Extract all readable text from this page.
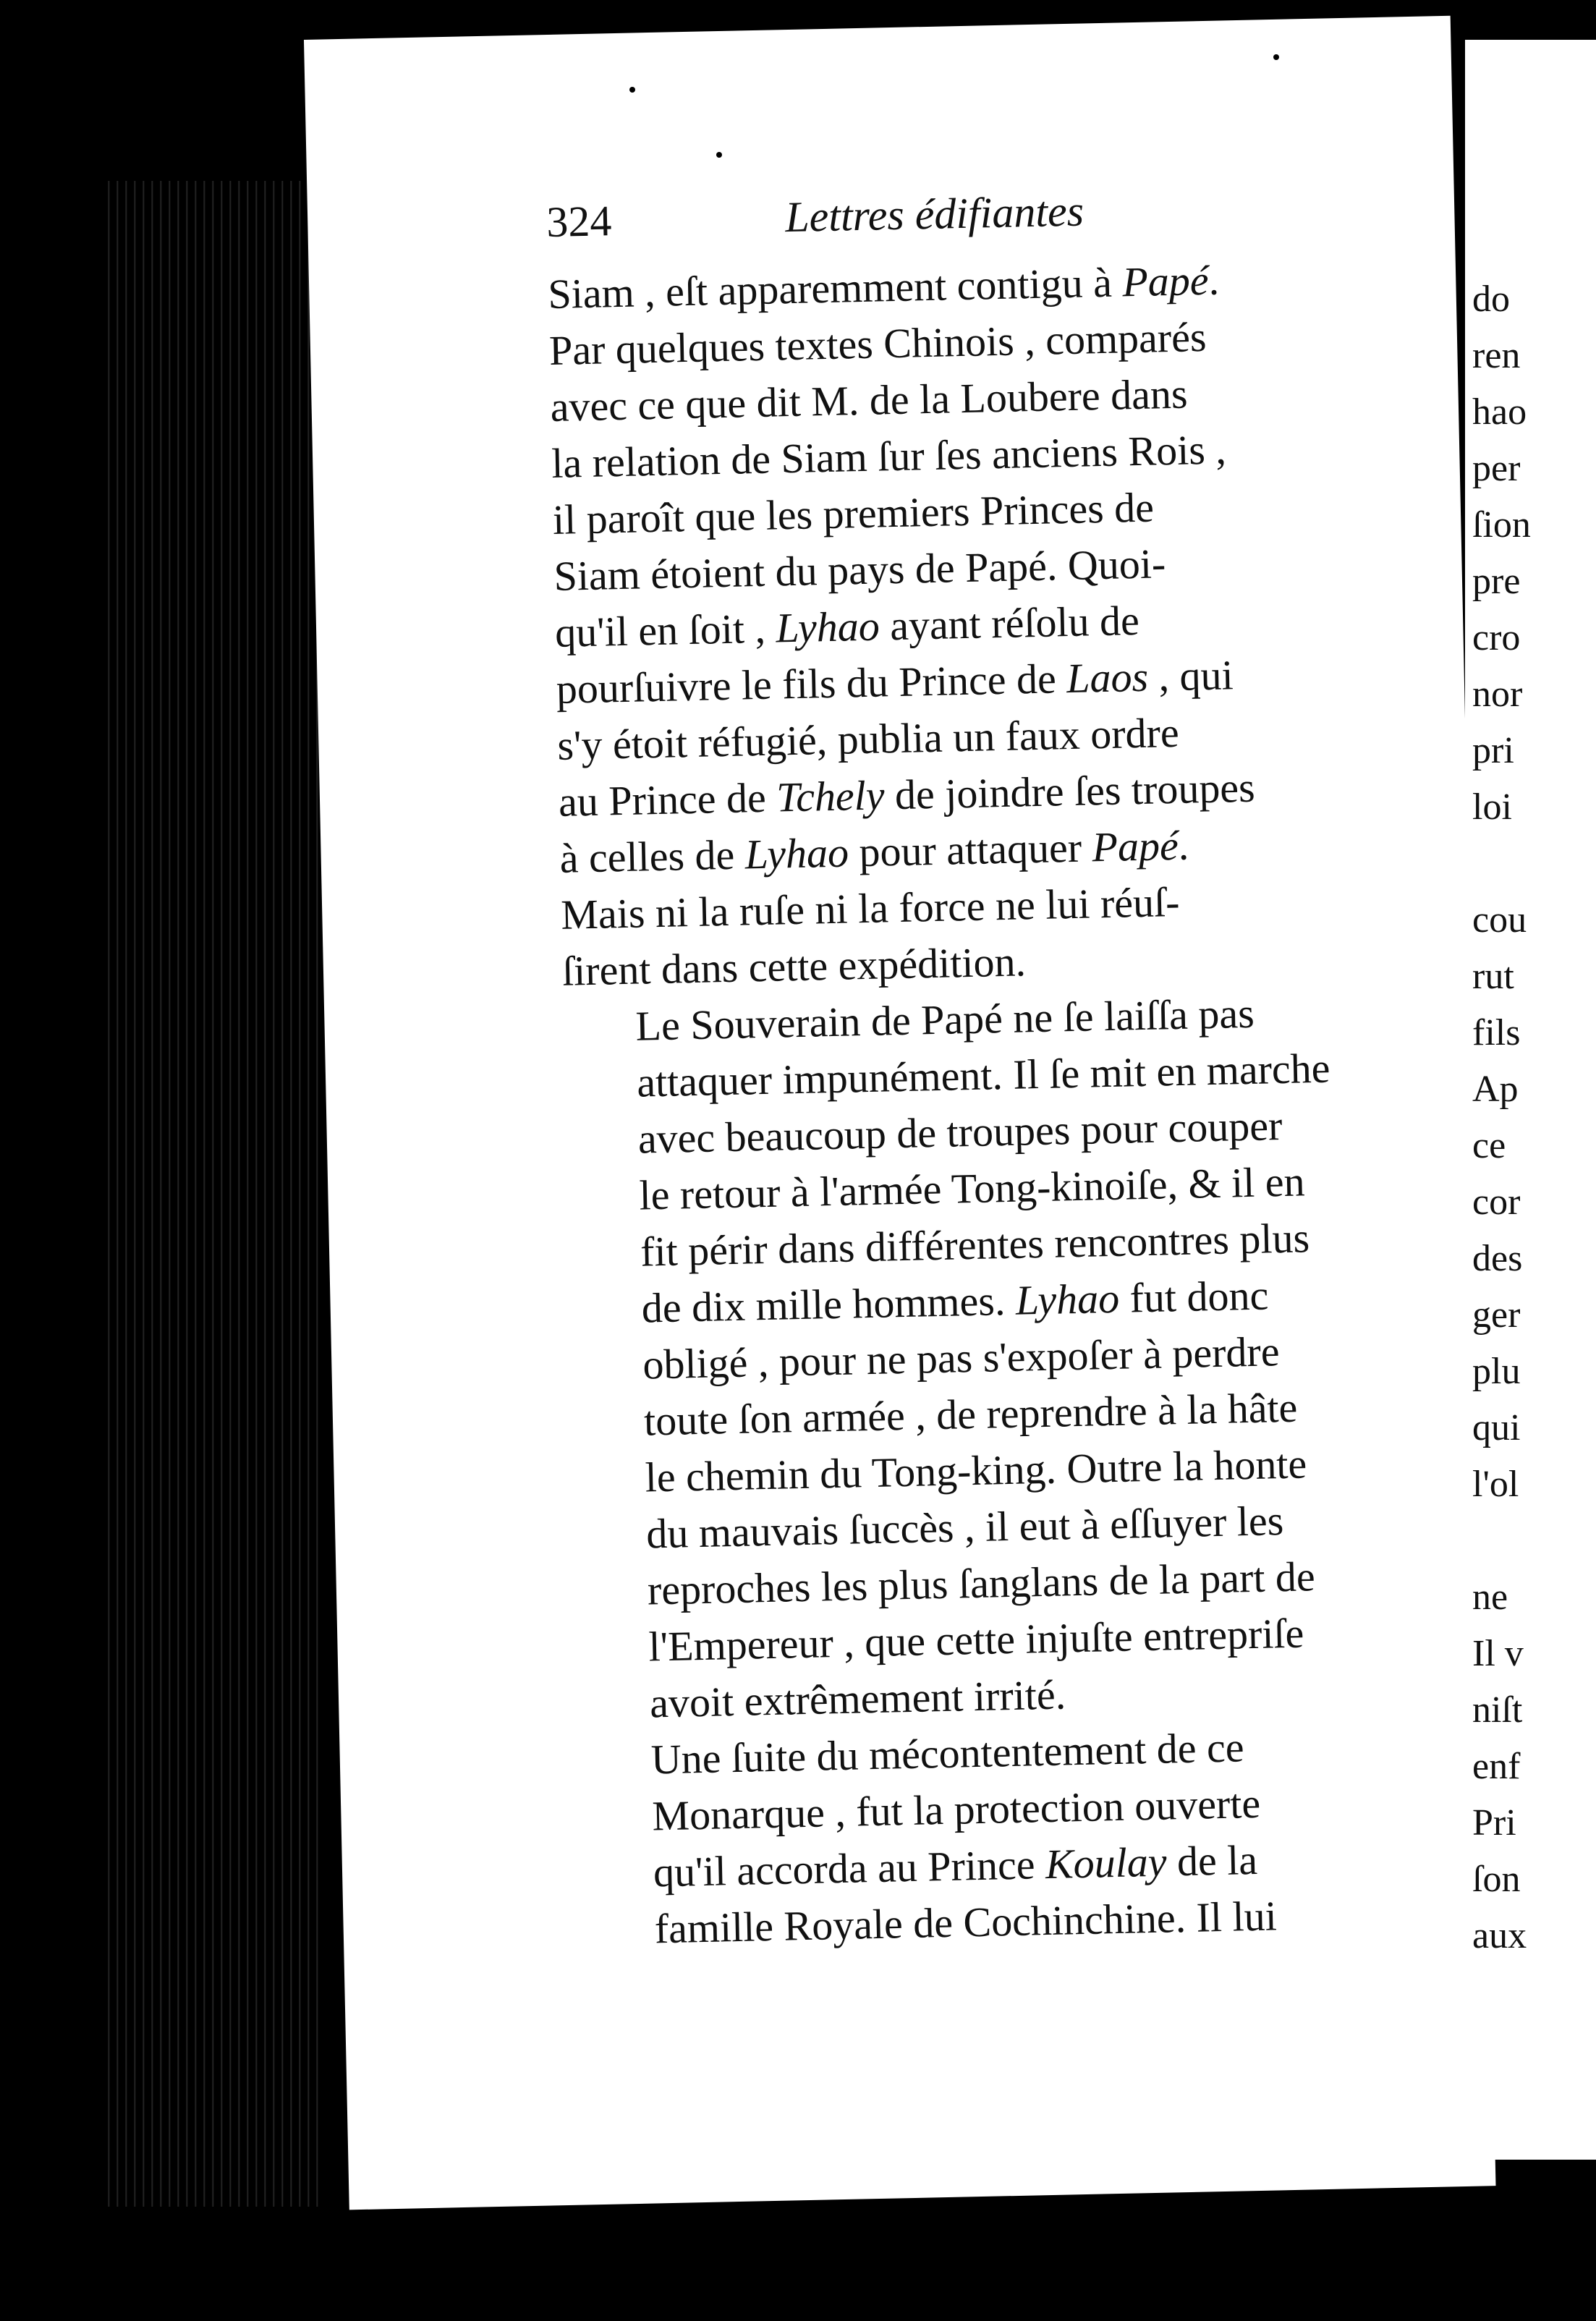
324	Lettres édifiantes

Siam , eſt apparemment contigu à Papé.
Par quelques textes Chinois , comparés
avec ce que dit M. de la Loubere dans
la relation de Siam ſur ſes anciens Rois ,
il paroît que les premiers Princes de
Siam étoient du pays de Papé. Quoi-
qu'il en ſoit , Lyhao ayant réſolu de
pourſuivre le fils du Prince de Laos , qui
s'y étoit réfugié, publia un faux ordre
au Prince de Tchely de joindre ſes troupes
à celles de Lyhao pour attaquer Papé.
Mais ni la ruſe ni la force ne lui réuſ-
ſirent dans cette expédition.

Le Souverain de Papé ne ſe laiſſa pas
attaquer impunément. Il ſe mit en marche
avec beaucoup de troupes pour couper
le retour à l'armée Tong-kinoiſe, & il en
fit périr dans différentes rencontres plus
de dix mille hommes. Lyhao fut donc
obligé , pour ne pas s'expoſer à perdre
toute ſon armée , de reprendre à la hâte
le chemin du Tong-king. Outre la honte
du mauvais ſuccès , il eut à eſſuyer les
reproches les plus ſanglans de la part de
l'Empereur , que cette injuſte entrepriſe
avoit extrêmement irrité.

Une ſuite du mécontentement de ce
Monarque , fut la protection ouverte
qu'il accorda au Prince Koulay de la
famille Royale de Cochinchine. Il lui

do
ren
hao
per
ſion
pre
cro
nor
pri
loi

cou
rut
fils
Ap
ce
cor
des
ger
plu
qui
l'ol

ne
Il v
niſt
enf
Pri
ſon
aux
